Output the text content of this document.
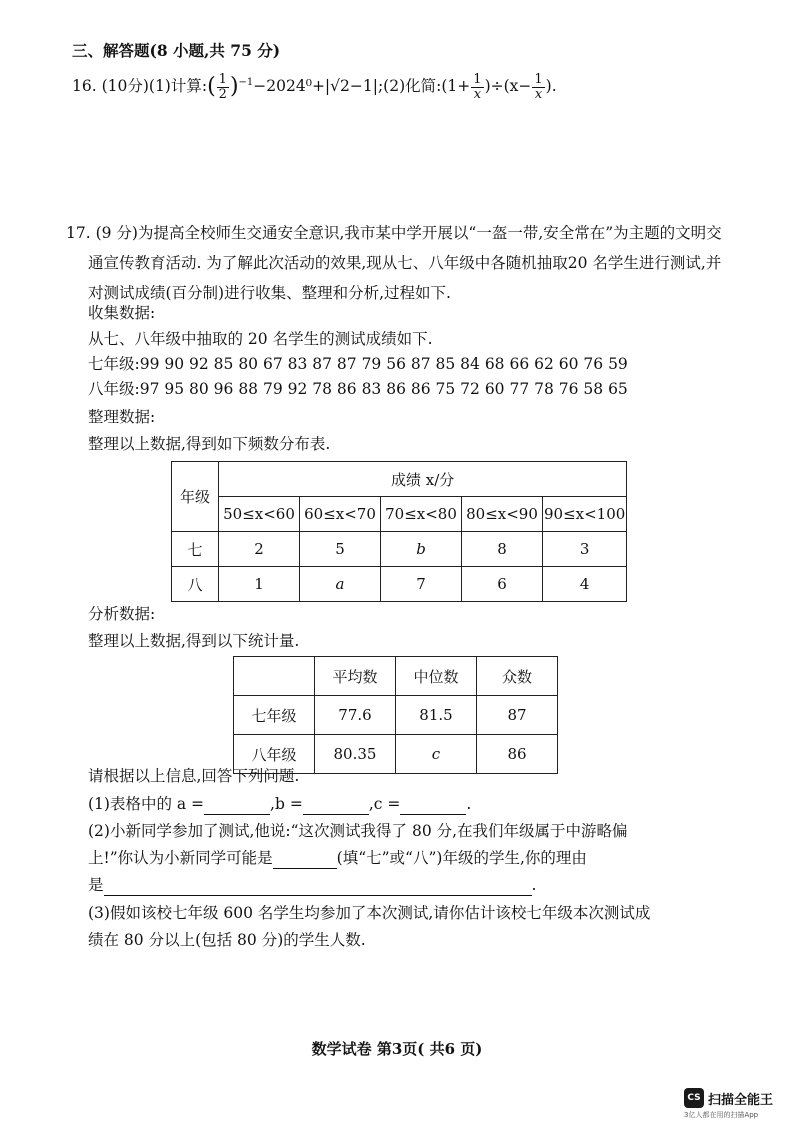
三、解答题(8 小题,共 75 分)
16. (10分)(1)计算:( $\frac{1}{2}$ )$^{-1}$−2024⁰+|√2−1|;(2)化简:(1+ $\frac{1}{x} )\div(x- \frac{1}{x}$ ).
17. (9 分)为提高全校师生交通安全意识,我市某中学开展以“一盔一带,安全常在”为主题的文明交通宣传教育活动. 为了解此次活动的效果,现从七、八年级中各随机抽取20 名学生进行测试,并对测试成绩(百分制)进行收集、整理和分析,过程如下.
收集数据:
从七、八年级中抽取的 20 名学生的测试成绩如下.
七年级:99 90 92 85 80 67 83 87 87 79 56 87 85 84 68 66 62 60 76 59
八年级:97 95 80 96 88 79 92 78 86 83 86 86 75 72 60 77 78 76 58 65
整理数据:
整理以上数据,得到如下频数分布表.
年级	成绩 x/分				
	50≤x<60	60≤x<70	70≤x<80	80≤x<90	90≤x<100
七	2	5	b	8	3
八	1	a	7	6	4
分析数据:
整理以上数据,得到以下统计量.
	平均数	中位数	众数
七年级	77.6	81.5	87
八年级	80.35	c	86
请根据以上信息,回答下列问题.
(1)表格中的 a =	,b =	,c =	.
(2)小新同学参加了测试,他说:“这次测试我得了 80 分,在我们年级属于中游略偏
上!”你认为小新同学可能是	(填“七”或“八”)年级的学生,你的理由
是	.
(3)假如该校七年级 600 名学生均参加了本次测试,请你估计该校七年级本次测试成
绩在 80 分以上(包括 80 分)的学生人数.
数学试卷 第3页( 共6 页)
CS 扫描全能王
3亿人都在用的扫描App
